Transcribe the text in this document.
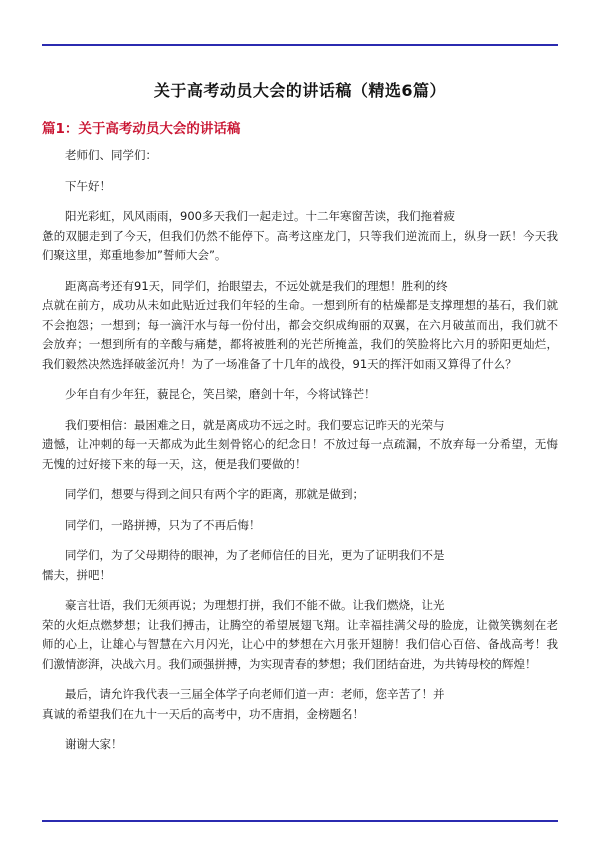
关于高考动员大会的讲话稿（精选6篇）
篇1：关于高考动员大会的讲话稿

老师们、同学们：

下午好！

阳光彩虹，风风雨雨，900多天我们一起走过。十二年寒窗苦读，我们拖着疲
惫的双腿走到了今天，但我们仍然不能停下。高考这座龙门，只等我们逆流而上，纵身一跃！今天我们聚这里，郑重地参加”誓师大会”。

距离高考还有91天，同学们，抬眼望去，不远处就是我们的理想！胜利的终
点就在前方，成功从未如此贴近过我们年轻的生命。一想到所有的枯燥都是支撑理想的基石，我们就不会抱怨；一想到；每一滴汗水与每一份付出，都会交织成绚丽的双翼，在六月破茧而出，我们就不会放弃；一想到所有的辛酸与痛楚，都将被胜利的光芒所掩盖，我们的笑脸将比六月的骄阳更灿烂，我们毅然决然选择破釜沉舟！为了一场准备了十几年的战役，91天的挥汗如雨又算得了什么？

少年自有少年狂，藐昆仑，笑吕梁，磨剑十年，今将试锋芒！

我们要相信：最困难之日，就是离成功不远之时。我们要忘记昨天的光荣与
遗憾，让冲刺的每一天都成为此生刻骨铭心的纪念日！不放过每一点疏漏，不放弃每一分希望，无悔无愧的过好接下来的每一天，这，便是我们要做的！

同学们，想要与得到之间只有两个字的距离，那就是做到；

同学们，一路拼搏，只为了不再后悔！

同学们，为了父母期待的眼神，为了老师信任的目光，更为了证明我们不是
懦夫，拼吧！

豪言壮语，我们无须再说；为理想打拼，我们不能不做。让我们燃烧，让光
荣的火炬点燃梦想；让我们搏击，让腾空的希望展翅飞翔。让幸福挂满父母的脸庞，让微笑镌刻在老师的心上，让雄心与智慧在六月闪光，让心中的梦想在六月张开翅膀！我们信心百倍、备战高考！我们激情澎湃，决战六月。我们顽强拼搏，为实现青春的梦想；我们团结奋进，为共铸母校的辉煌！

最后，请允许我代表一三届全体学子向老师们道一声：老师，您辛苦了！并
真诚的希望我们在九十一天后的高考中，功不唐捐，金榜题名！

谢谢大家！
